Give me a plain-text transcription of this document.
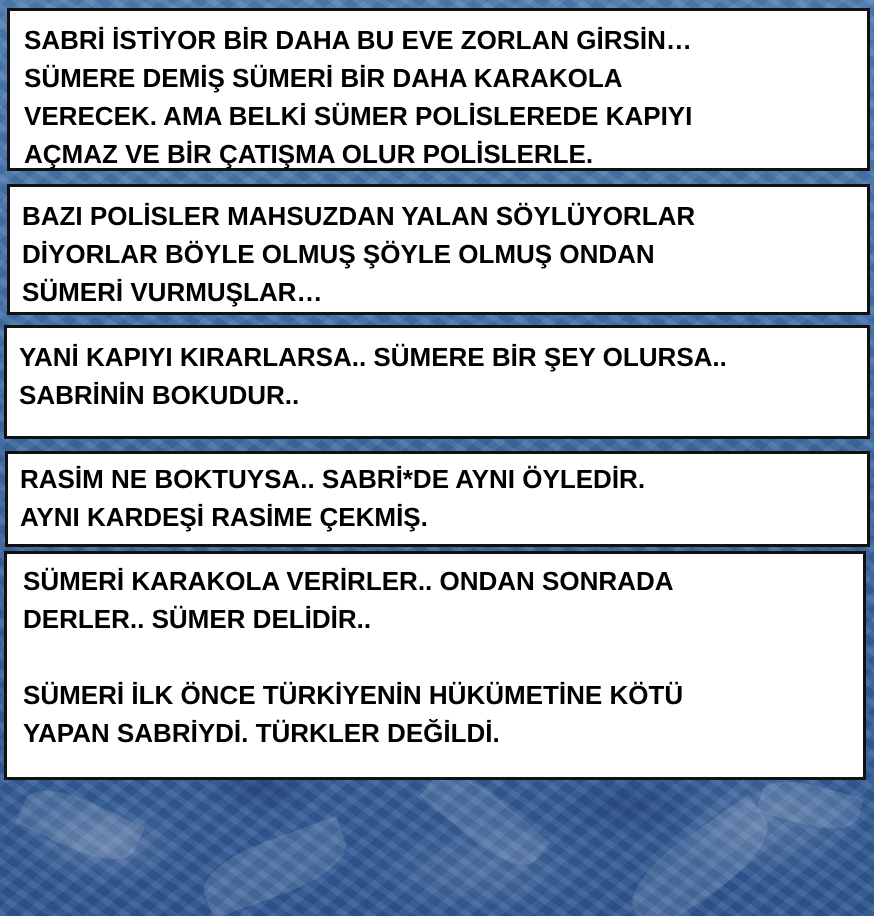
SABRİ İSTİYOR BİR DAHA BU EVE ZORLAN GİRSİN…
SÜMERE DEMİŞ SÜMERİ BİR DAHA KARAKOLA
VERECEK. AMA BELKİ SÜMER POLİSLEREDE KAPIYI
AÇMAZ VE BİR ÇATIŞMA OLUR POLİSLERLE.
BAZI POLİSLER MAHSUZDAN YALAN SÖYLÜYORLAR
DİYORLAR BÖYLE OLMUŞ ŞÖYLE OLMUŞ ONDAN
SÜMERİ VURMUŞLAR…
YANİ KAPIYI KIRARLARSA.. SÜMERE BİR ŞEY OLURSA..
SABRİNİN BOKUDUR..
RASİM NE BOKTUYSA.. SABRİ*DE AYNI ÖYLEDİR.
AYNI KARDEŞİ RASİME ÇEKMİŞ.
SÜMERİ KARAKOLA VERİRLER.. ONDAN SONRADA
DERLER.. SÜMER DELİDİR..

SÜMERİ İLK ÖNCE TÜRKİYENİN HÜKÜMETİNE KÖTÜ
YAPAN SABRİYDİ. TÜRKLER DEĞİLDİ.
